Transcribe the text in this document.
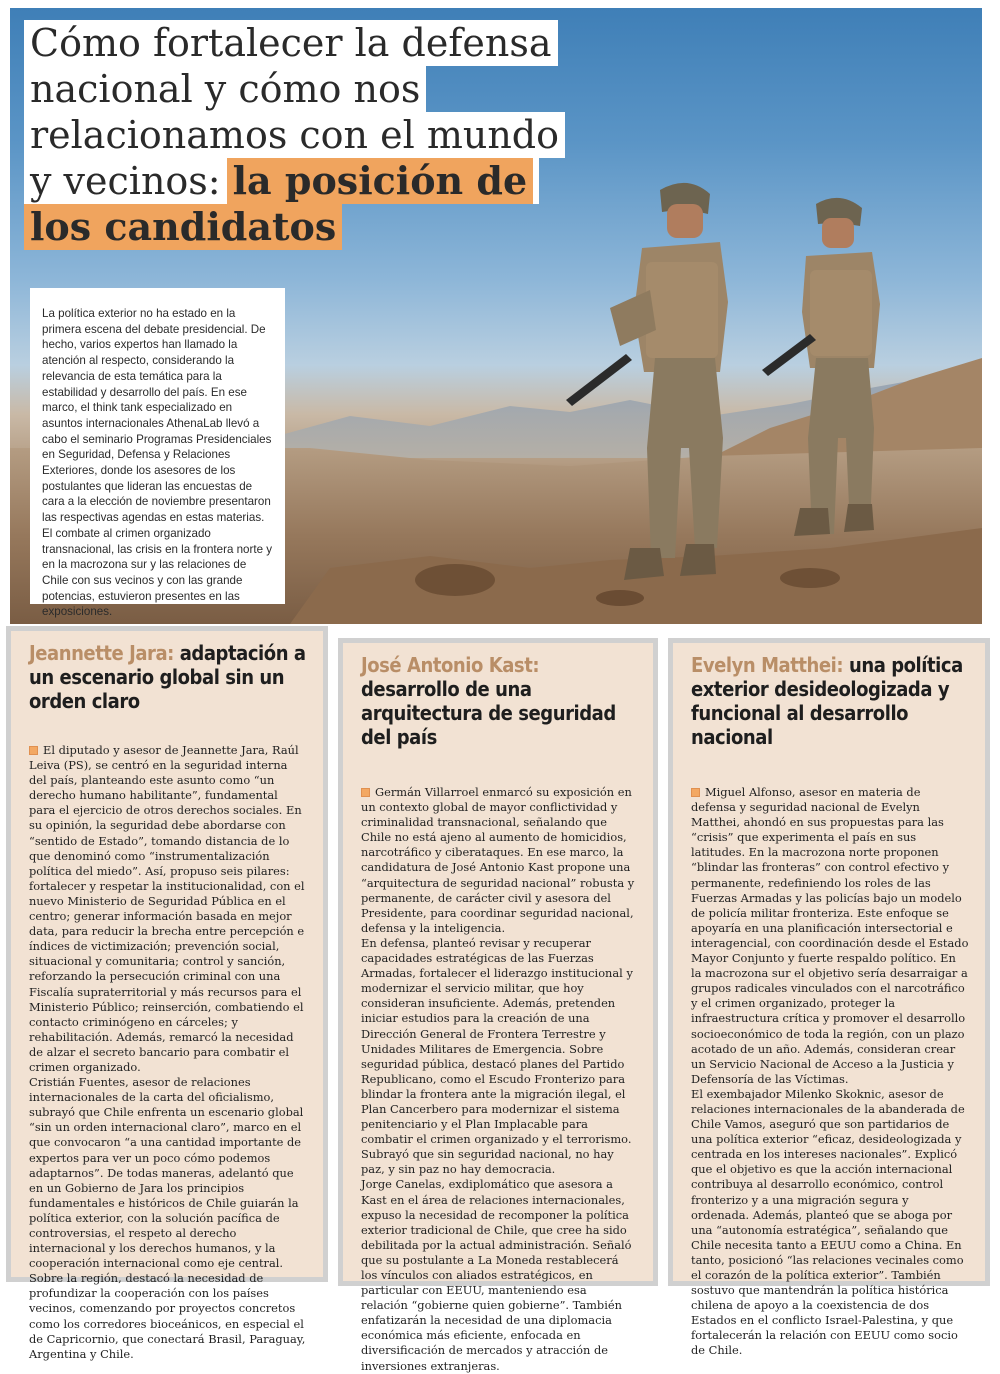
Cómo fortalecer la defensa
nacional y cómo nos
relacionamos con el mundo
y vecinos: la posición de
los candidatos

La política exterior no ha estado en la primera escena del debate presidencial. De hecho, varios expertos han llamado la atención al respecto, considerando la relevancia de esta temática para la estabilidad y desarrollo del país. En ese marco, el think tank especializado en asuntos internacionales AthenaLab llevó a cabo el seminario Programas Presidenciales en Seguridad, Defensa y Relaciones Exteriores, donde los asesores de los postulantes que lideran las encuestas de cara a la elección de noviembre presentaron las respectivas agendas en estas materias.

El combate al crimen organizado transnacional, las crisis en la frontera norte y en la macrozona sur y las relaciones de Chile con sus vecinos y con las grande potencias, estuvieron presentes en las exposiciones.

Jeannette Jara: adaptación a un escenario global sin un orden claro

El diputado y asesor de Jeannette Jara, Raúl Leiva (PS), se centró en la seguridad interna del país, planteando este asunto como “un derecho humano habilitante”, fundamental para el ejercicio de otros derechos sociales. En su opinión, la seguridad debe abordarse con “sentido de Estado”, tomando distancia de lo que denominó como “instrumentalización política del miedo”. Así, propuso seis pilares: fortalecer y respetar la institucionalidad, con el nuevo Ministerio de Seguridad Pública en el centro; generar información basada en mejor data, para reducir la brecha entre percepción e índices de victimización; prevención social, situacional y comunitaria; control y sanción, reforzando la persecución criminal con una Fiscalía supraterritorial y más recursos para el Ministerio Público; reinserción, combatiendo el contacto criminógeno en cárceles; y rehabilitación. Además, remarcó la necesidad de alzar el secreto bancario para combatir el crimen organizado.

Cristián Fuentes, asesor de relaciones internacionales de la carta del oficialismo, subrayó que Chile enfrenta un escenario global “sin un orden internacional claro”, marco en el que convocaron “a una cantidad importante de expertos para ver un poco cómo podemos adaptarnos”. De todas maneras, adelantó que en un Gobierno de Jara los principios fundamentales e históricos de Chile guiarán la política exterior, con la solución pacífica de controversias, el respeto al derecho internacional y los derechos humanos, y la cooperación internacional como eje central. Sobre la región, destacó la necesidad de profundizar la cooperación con los países vecinos, comenzando por proyectos concretos como los corredores bioceánicos, en especial el de Capricornio, que conectará Brasil, Paraguay, Argentina y Chile.

José Antonio Kast: desarrollo de una arquitectura de seguridad del país

Germán Villarroel enmarcó su exposición en un contexto global de mayor conflictividad y criminalidad transnacional, señalando que Chile no está ajeno al aumento de homicidios, narcotráfico y ciberataques. En ese marco, la candidatura de José Antonio Kast propone una “arquitectura de seguridad nacional” robusta y permanente, de carácter civil y asesora del Presidente, para coordinar seguridad nacional, defensa y la inteligencia.

En defensa, planteó revisar y recuperar capacidades estratégicas de las Fuerzas Armadas, fortalecer el liderazgo institucional y modernizar el servicio militar, que hoy consideran insuficiente. Además, pretenden iniciar estudios para la creación de una Dirección General de Frontera Terrestre y Unidades Militares de Emergencia. Sobre seguridad pública, destacó planes del Partido Republicano, como el Escudo Fronterizo para blindar la frontera ante la migración ilegal, el Plan Cancerbero para modernizar el sistema penitenciario y el Plan Implacable para combatir el crimen organizado y el terrorismo. Subrayó que sin seguridad nacional, no hay paz, y sin paz no hay democracia.

Jorge Canelas, exdiplomático que asesora a Kast en el área de relaciones internacionales, expuso la necesidad de recomponer la política exterior tradicional de Chile, que cree ha sido debilitada por la actual administración. Señaló que su postulante a La Moneda restablecerá los vínculos con aliados estratégicos, en particular con EEUU, manteniendo esa relación “gobierne quien gobierne”. También enfatizarán la necesidad de una diplomacia económica más eficiente, enfocada en diversificación de mercados y atracción de inversiones extranjeras.

Evelyn Matthei: una política exterior desideologizada y funcional al desarrollo nacional

Miguel Alfonso, asesor en materia de defensa y seguridad nacional de Evelyn Matthei, ahondó en sus propuestas para las “crisis” que experimenta el país en sus latitudes. En la macrozona norte proponen “blindar las fronteras” con control efectivo y permanente, redefiniendo los roles de las Fuerzas Armadas y las policías bajo un modelo de policía militar fronteriza. Este enfoque se apoyaría en una planificación intersectorial e interagencial, con coordinación desde el Estado Mayor Conjunto y fuerte respaldo político. En la macrozona sur el objetivo sería desarraigar a grupos radicales vinculados con el narcotráfico y el crimen organizado, proteger la infraestructura crítica y promover el desarrollo socioeconómico de toda la región, con un plazo acotado de un año. Además, consideran crear un Servicio Nacional de Acceso a la Justicia y Defensoría de las Víctimas.

El exembajador Milenko Skoknic, asesor de relaciones internacionales de la abanderada de Chile Vamos, aseguró que son partidarios de una política exterior “eficaz, desideologizada y centrada en los intereses nacionales”. Explicó que el objetivo es que la acción internacional contribuya al desarrollo económico, control fronterizo y a una migración segura y ordenada. Además, planteó que se aboga por una “autonomía estratégica”, señalando que Chile necesita tanto a EEUU como a China. En tanto, posicionó “las relaciones vecinales como el corazón de la política exterior”. También sostuvo que mantendrán la política histórica chilena de apoyo a la coexistencia de dos Estados en el conflicto Israel-Palestina, y que fortalecerán la relación con EEUU como socio de Chile.
